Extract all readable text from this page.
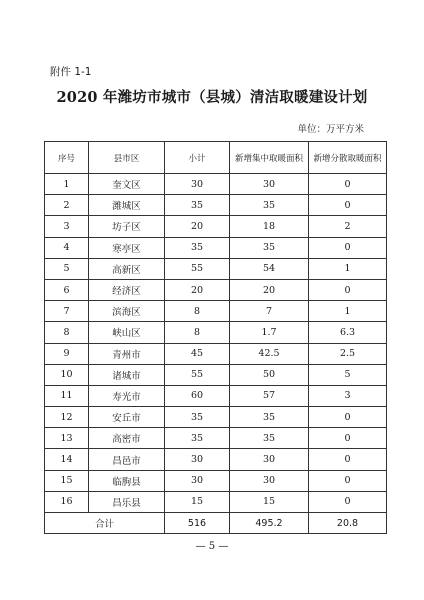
附件 1-1
2020 年潍坊市城市（县城）清洁取暖建设计划
单位：万平方米
序号	县市区	小计	新增集中取暖面积	新增分散取暖面积
1	奎文区	30	30	0
2	潍城区	35	35	0
3	坊子区	20	18	2
4	寒亭区	35	35	0
5	高新区	55	54	1
6	经济区	20	20	0
7	滨海区	8	7	1
8	峡山区	8	1.7	6.3
9	青州市	45	42.5	2.5
10	诸城市	55	50	5
11	寿光市	60	57	3
12	安丘市	35	35	0
13	高密市	35	35	0
14	昌邑市	30	30	0
15	临朐县	30	30	0
16	昌乐县	15	15	0
合计		516	495.2	20.8
— 5 —
